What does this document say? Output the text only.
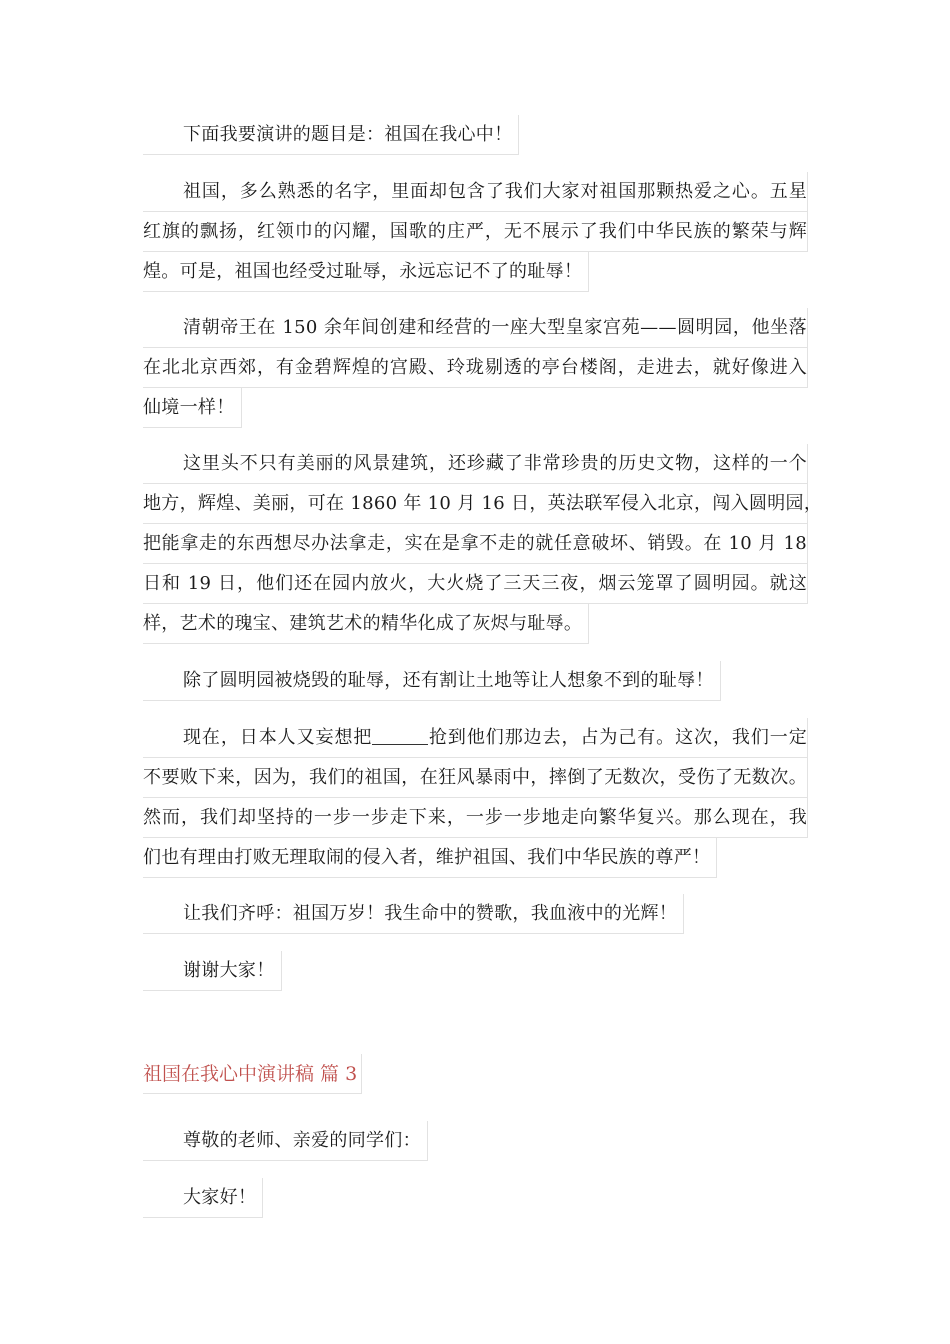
下面我要演讲的题目是：祖国在我心中！
祖国，多么熟悉的名字，里面却包含了我们大家对祖国那颗热爱之心。五星
红旗的飘扬，红领巾的闪耀，国歌的庄严，无不展示了我们中华民族的繁荣与辉
煌。可是，祖国也经受过耻辱，永远忘记不了的耻辱！
清朝帝王在 150 余年间创建和经营的一座大型皇家宫苑——圆明园，他坐落
在北北京西郊，有金碧辉煌的宫殿、玲珑剔透的亭台楼阁，走进去，就好像进入
仙境一样！
这里头不只有美丽的风景建筑，还珍藏了非常珍贵的历史文物，这样的一个
地方，辉煌、美丽，可在 1860 年 10 月 16 日，英法联军侵入北京，闯入圆明园，
把能拿走的东西想尽办法拿走，实在是拿不走的就任意破坏、销毁。在 10 月 18
日和 19 日，他们还在园内放火，大火烧了三天三夜，烟云笼罩了圆明园。就这
样，艺术的瑰宝、建筑艺术的精华化成了灰烬与耻辱。
除了圆明园被烧毁的耻辱，还有割让土地等让人想象不到的耻辱！
现在，日本人又妄想把	抢到他们那边去，占为己有。这次，我们一定
不要败下来，因为，我们的祖国，在狂风暴雨中，摔倒了无数次，受伤了无数次。
然而，我们却坚持的一步一步走下来，一步一步地走向繁华复兴。那么现在，我
们也有理由打败无理取闹的侵入者，维护祖国、我们中华民族的尊严！
让我们齐呼：祖国万岁！我生命中的赞歌，我血液中的光辉！
谢谢大家！
祖国在我心中演讲稿 篇 3
尊敬的老师、亲爱的同学们：
大家好！
